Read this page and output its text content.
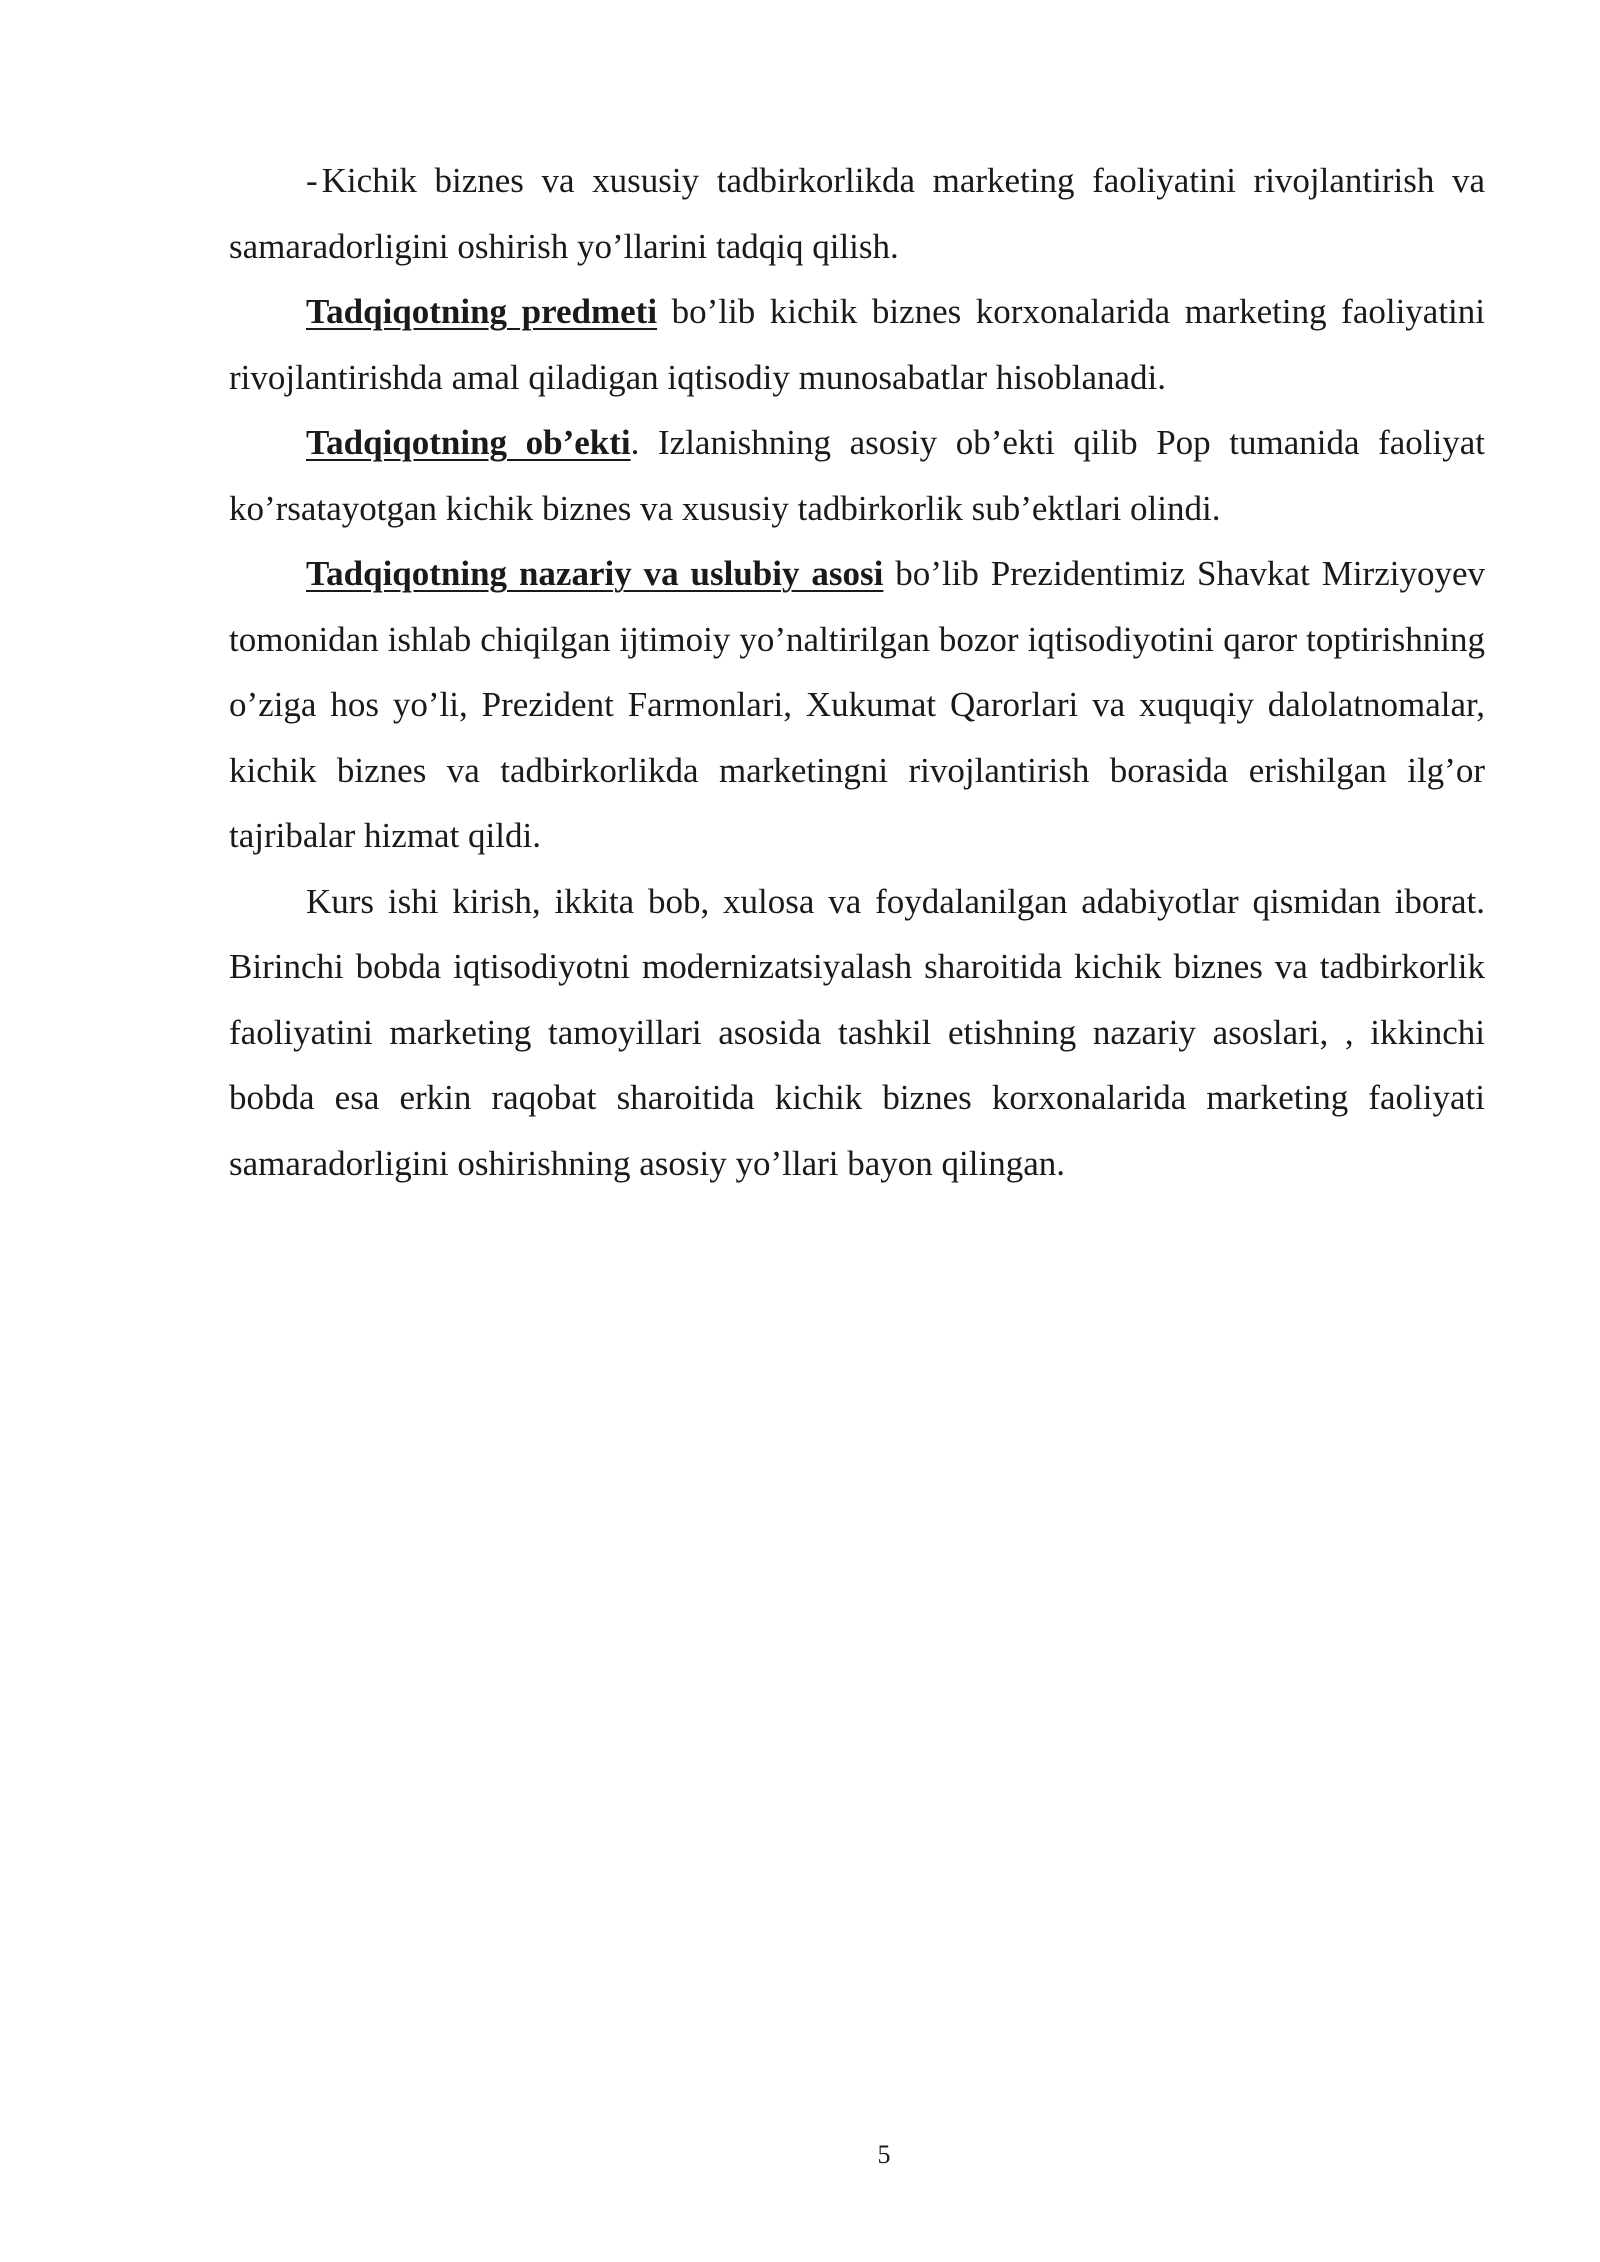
- Kichik biznes va xususiy tadbirkorlikda marketing faoliyatini rivojlantirish va samaradorligini oshirish yo’llarini tadqiq qilish.

Tadqiqotning predmeti bo’lib kichik biznes korxonalarida marketing faoliyatini rivojlantirishda amal qiladigan iqtisodiy munosabatlar hisoblanadi.

Tadqiqotning ob’ekti. Izlanishning asosiy ob’ekti qilib Pop tumanida faoliyat ko’rsatayotgan kichik biznes va xususiy tadbirkorlik sub’ektlari olindi.

Tadqiqotning nazariy va uslubiy asosi bo’lib Prezidentimiz Shavkat Mirziyoyev tomonidan ishlab chiqilgan ijtimoiy yo’naltirilgan bozor iqtisodiyotini qaror toptirishning o’ziga hos yo’li, Prezident Farmonlari, Xukumat Qarorlari va xuquqiy dalolatnomalar, kichik biznes va tadbirkorlikda marketingni rivojlantirish borasida erishilgan ilg’or tajribalar hizmat qildi.

Kurs ishi kirish, ikkita bob, xulosa va foydalanilgan adabiyotlar qismidan iborat. Birinchi bobda iqtisodiyotni modernizatsiyalash sharoitida kichik biznes va tadbirkorlik faoliyatini marketing tamoyillari asosida tashkil etishning nazariy asoslari, , ikkinchi bobda esa erkin raqobat sharoitida kichik biznes korxonalarida marketing faoliyati samaradorligini oshirishning asosiy yo’llari bayon qilingan.

5
